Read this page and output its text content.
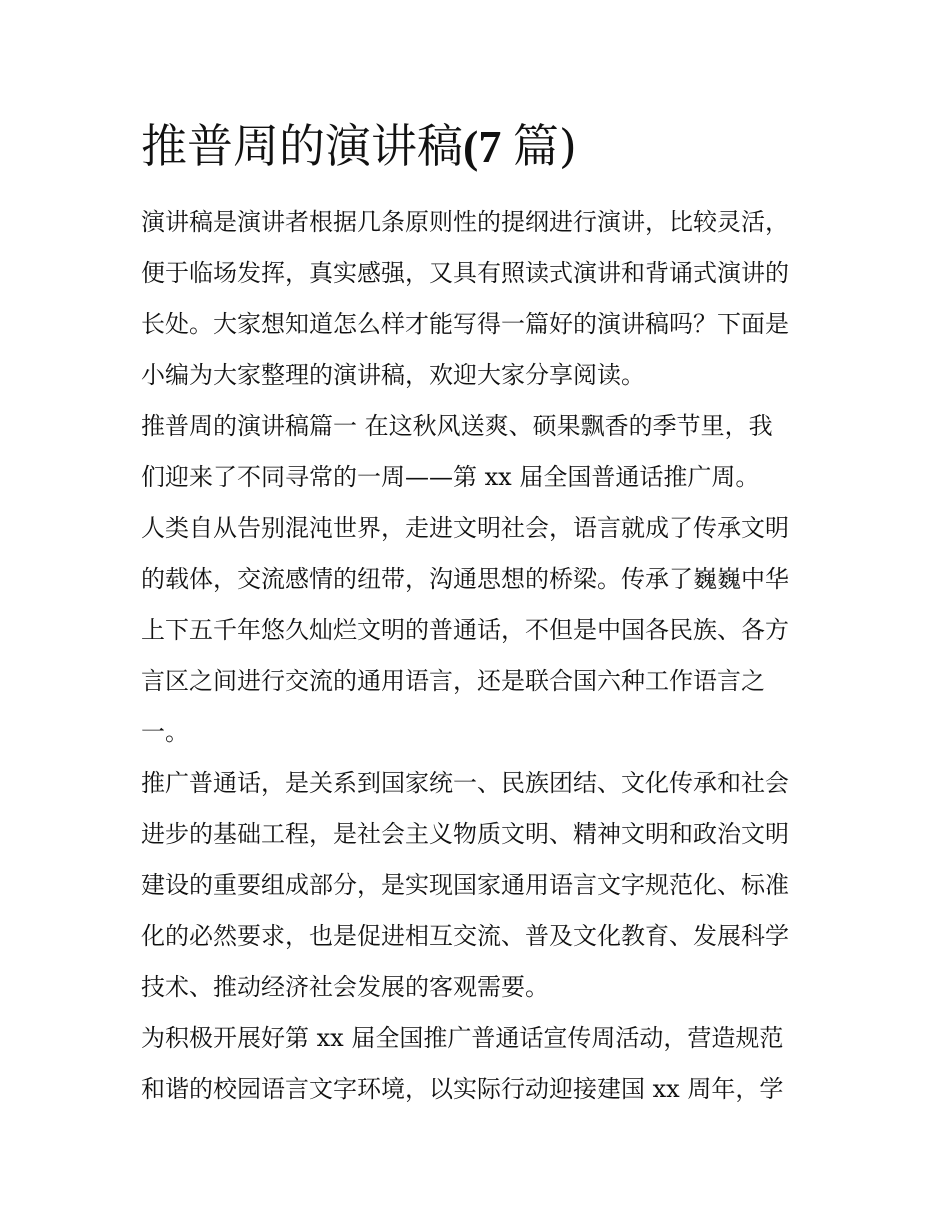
推普周的演讲稿(7 篇)

演讲稿是演讲者根据几条原则性的提纲进行演讲，比较灵活，

便于临场发挥，真实感强，又具有照读式演讲和背诵式演讲的

长处。大家想知道怎么样才能写得一篇好的演讲稿吗？下面是

小编为大家整理的演讲稿，欢迎大家分享阅读。

推普周的演讲稿篇一 在这秋风送爽、硕果飘香的季节里，我

们迎来了不同寻常的一周——第 xx 届全国普通话推广周。

人类自从告别混沌世界，走进文明社会，语言就成了传承文明

的载体，交流感情的纽带，沟通思想的桥梁。传承了巍巍中华

上下五千年悠久灿烂文明的普通话，不但是中国各民族、各方

言区之间进行交流的通用语言，还是联合国六种工作语言之

一。

推广普通话，是关系到国家统一、民族团结、文化传承和社会

进步的基础工程，是社会主义物质文明、精神文明和政治文明

建设的重要组成部分，是实现国家通用语言文字规范化、标准

化的必然要求，也是促进相互交流、普及文化教育、发展科学

技术、推动经济社会发展的客观需要。

为积极开展好第 xx 届全国推广普通话宣传周活动，营造规范

和谐的校园语言文字环境，以实际行动迎接建国 xx 周年，学
